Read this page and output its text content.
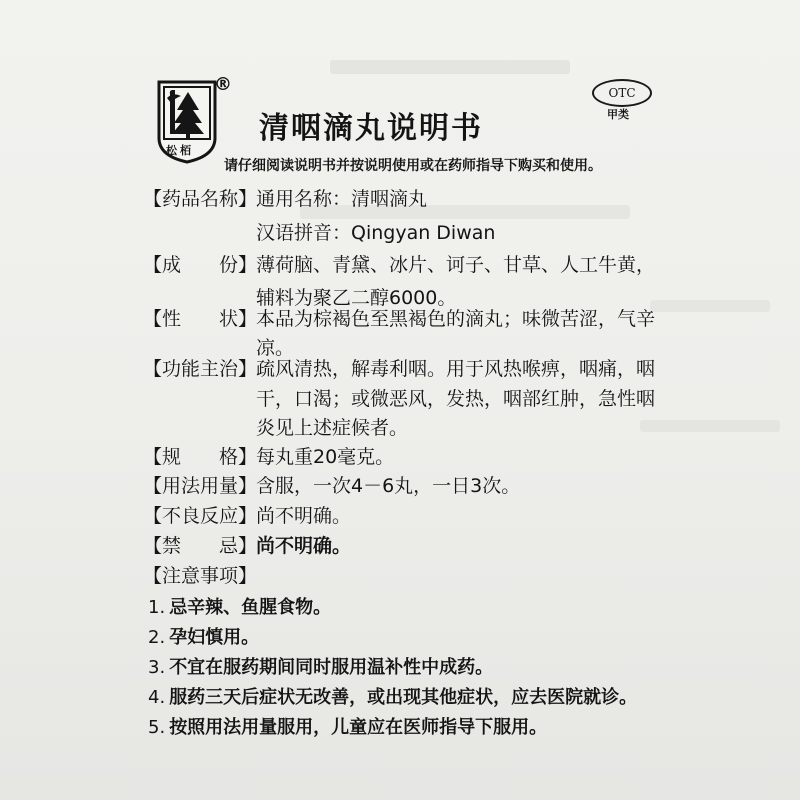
松栢
®
清咽滴丸说明书
OTC
甲类
请仔细阅读说明书并按说明使用或在药师指导下购买和使用。
【药品名称】
通用名称：清咽滴丸
汉语拼音：Qingyan Diwan
【成　　份】
薄荷脑、青黛、冰片、诃子、甘草、人工牛黄，
辅料为聚乙二醇6000。
【性　　状】
本品为棕褐色至黑褐色的滴丸；味微苦涩，气辛
凉。
【功能主治】
疏风清热，解毒利咽。用于风热喉痹，咽痛，咽
干，口渴；或微恶风，发热，咽部红肿，急性咽
炎见上述症候者。
【规　　格】
每丸重20毫克。
【用法用量】
含服，一次4－6丸，一日3次。
【不良反应】
尚不明确。
【禁　　忌】
尚不明确。
【注意事项】
1. 忌辛辣、鱼腥食物。
2. 孕妇慎用。
3. 不宜在服药期间同时服用温补性中成药。
4. 服药三天后症状无改善，或出现其他症状，应去医院就诊。
5. 按照用法用量服用，儿童应在医师指导下服用。
